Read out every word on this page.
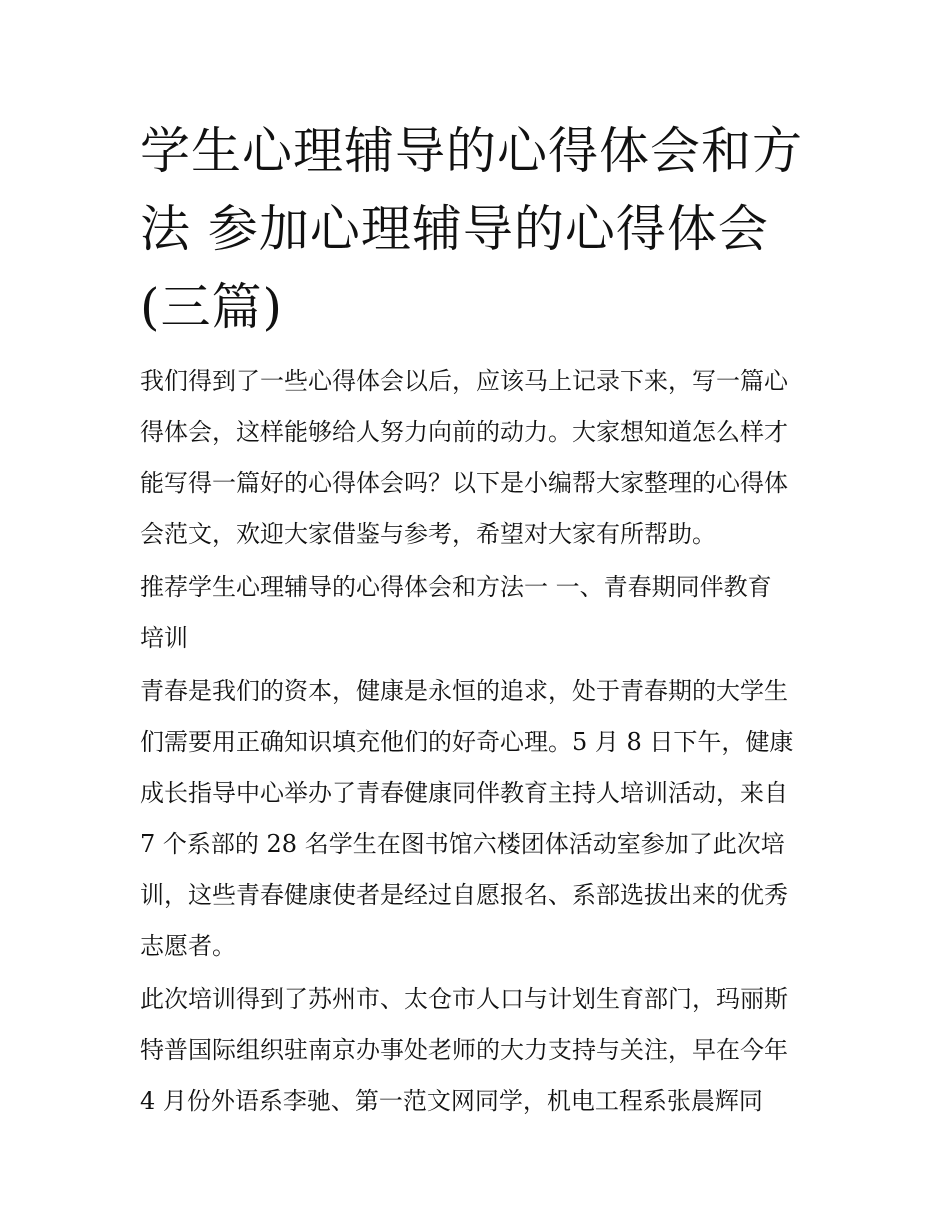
学生心理辅导的心得体会和方
法 参加心理辅导的心得体会
(三篇)

我们得到了一些心得体会以后，应该马上记录下来，写一篇心
得体会，这样能够给人努力向前的动力。大家想知道怎么样才
能写得一篇好的心得体会吗？以下是小编帮大家整理的心得体
会范文，欢迎大家借鉴与参考，希望对大家有所帮助。

推荐学生心理辅导的心得体会和方法一 一、青春期同伴教育
培训

青春是我们的资本，健康是永恒的追求，处于青春期的大学生
们需要用正确知识填充他们的好奇心理。5 月 8 日下午，健康
成长指导中心举办了青春健康同伴教育主持人培训活动，来自
7 个系部的 28 名学生在图书馆六楼团体活动室参加了此次培
训，这些青春健康使者是经过自愿报名、系部选拔出来的优秀
志愿者。

此次培训得到了苏州市、太仓市人口与计划生育部门，玛丽斯
特普国际组织驻南京办事处老师的大力支持与关注，早在今年
4 月份外语系李驰、第一范文网同学，机电工程系张晨辉同
